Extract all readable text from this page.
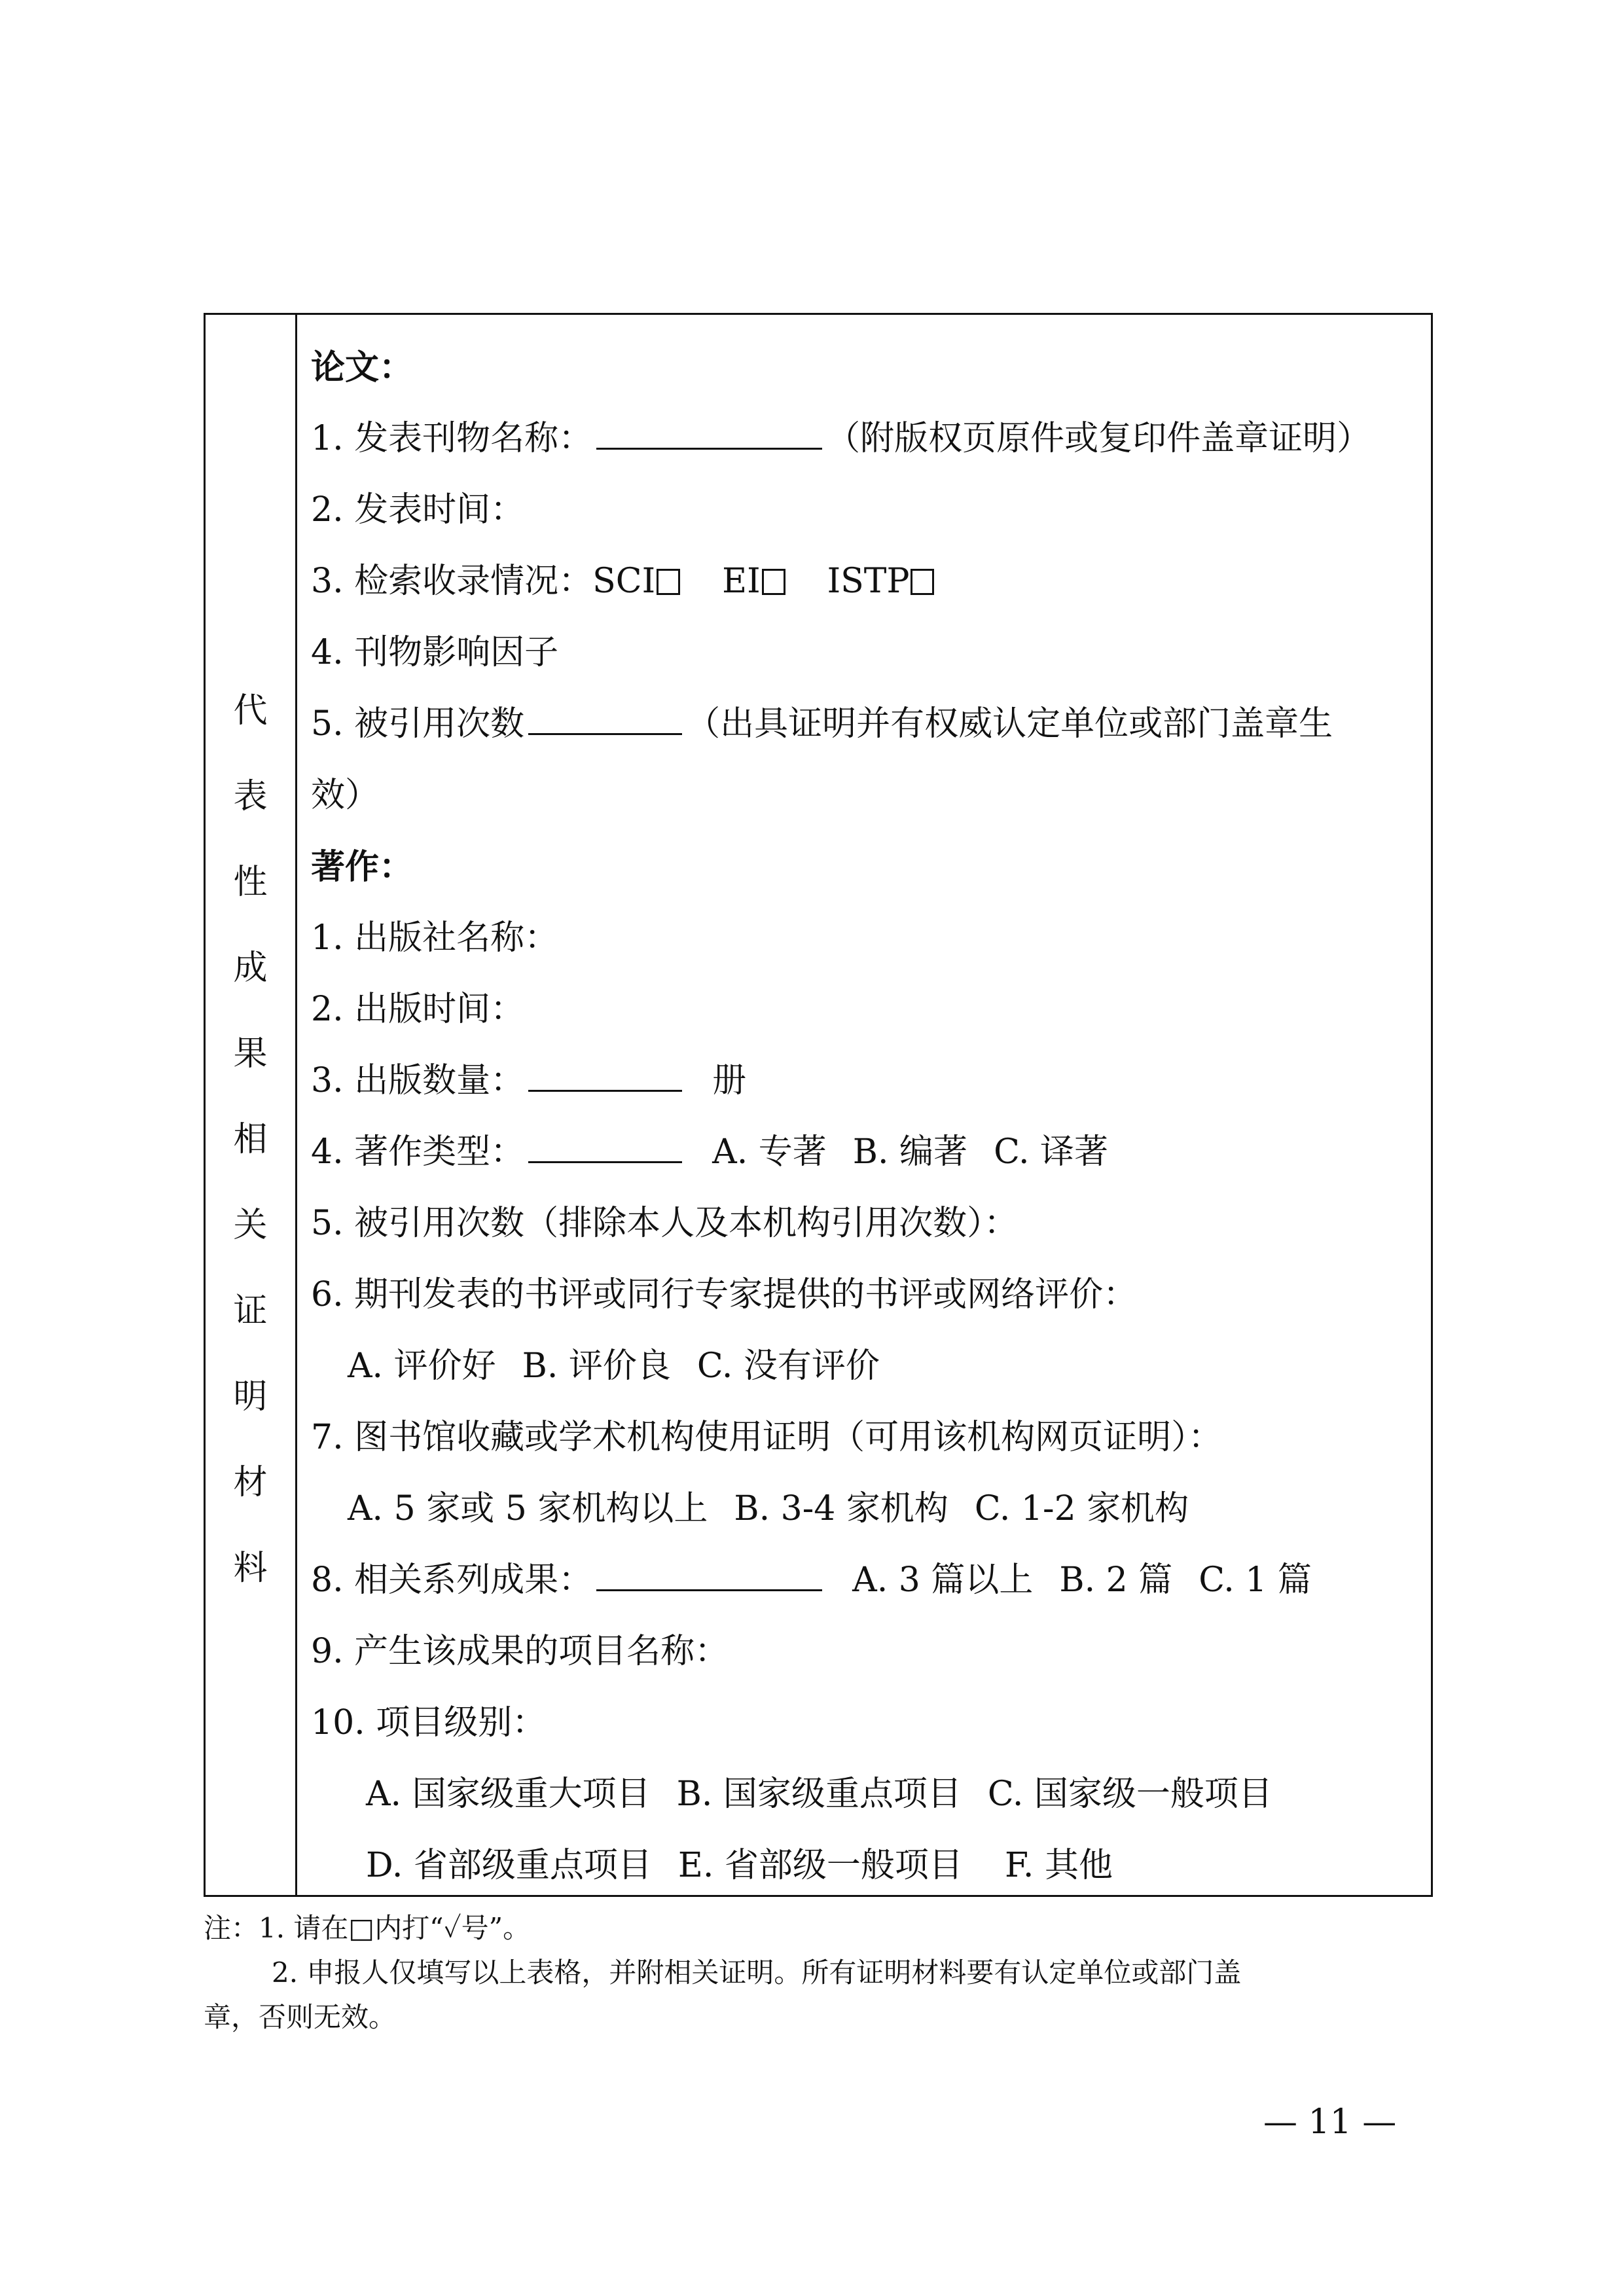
代
表
性
成
果
相
关
证
明
材
料
论文：
1. 发表刊物名称：	（附版权页原件或复印件盖章证明）
2. 发表时间：
3. 检索收录情况：SCI EI ISTP
4. 刊物影响因子
5. 被引用次数	（出具证明并有权威认定单位或部门盖章生
效）
著作：
1. 出版社名称：
2. 出版时间：
3. 出版数量：	册
4. 著作类型：	A. 专著 B. 编著 C. 译著
5. 被引用次数（排除本人及本机构引用次数）：
6. 期刊发表的书评或同行专家提供的书评或网络评价：
A. 评价好 B. 评价良 C. 没有评价
7. 图书馆收藏或学术机构使用证明（可用该机构网页证明）：
A. 5 家或 5 家机构以上 B. 3-4 家机构 C. 1-2 家机构
8. 相关系列成果：	A. 3 篇以上 B. 2 篇 C. 1 篇
9. 产生该成果的项目名称：
10. 项目级别：
A. 国家级重大项目 B. 国家级重点项目 C. 国家级一般项目
D. 省部级重点项目 E. 省部级一般项目 F. 其他
注：1. 请在□内打“✓号”。
2. 申报人仅填写以上表格，并附相关证明。所有证明材料要有认定单位或部门盖
章，否则无效。
— 11 —
